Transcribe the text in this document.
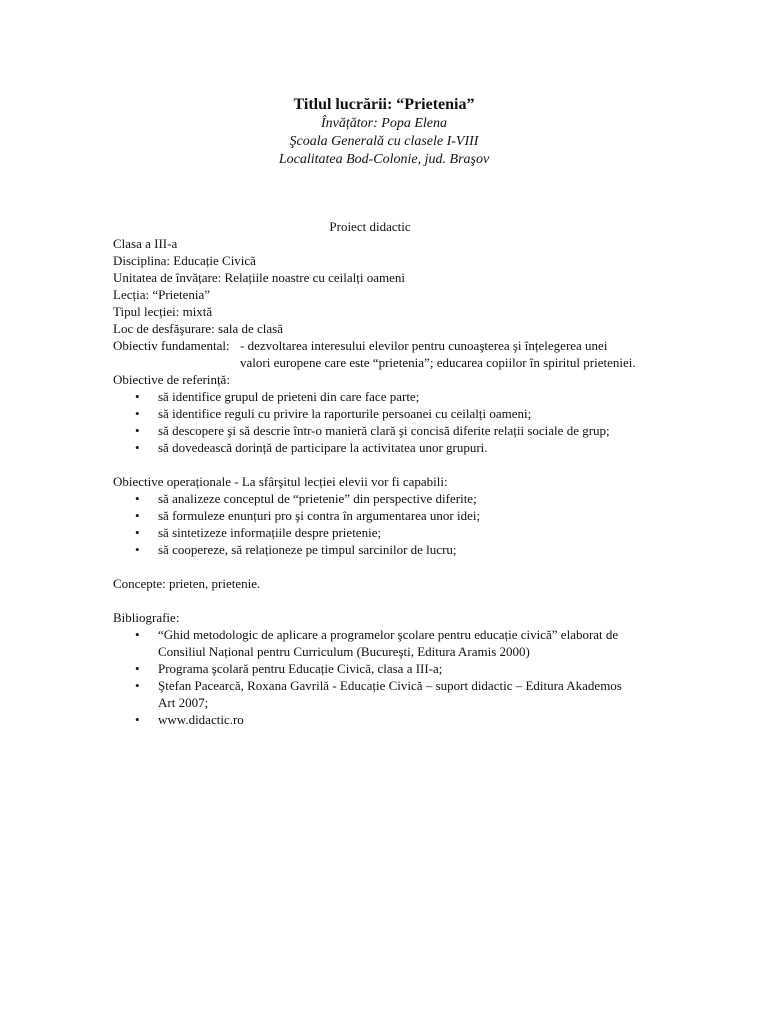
Titlul lucrării: “Prietenia”
Învățător: Popa Elena
Şcoala Generală cu clasele I-VIII
Localitatea Bod-Colonie, jud. Braşov
Proiect didactic
Clasa a III-a
Disciplina: Educație Civică
Unitatea de învățare: Relațiile noastre cu ceilalți oameni
Lecția: “Prietenia”
Tipul lecției: mixtă
Loc de desfăşurare: sala de clasă
Obiectiv fundamental: - dezvoltarea interesului elevilor pentru cunoaşterea şi înțelegerea unei valori europene care este “prietenia”; educarea copiilor în spiritul prieteniei.
Obiective de referință:
• să identifice grupul de prieteni din care face parte;
• să identifice reguli cu privire la raporturile persoanei cu ceilalți oameni;
• să descopere şi să descrie într-o manieră clară şi concisă diferite relații sociale de grup;
• să dovedească dorință de participare la activitatea unor grupuri.
Obiective operaționale - La sfârşitul lecției elevii vor fi capabili:
• să analizeze conceptul de “prietenie” din perspective diferite;
• să formuleze enunțuri pro şi contra în argumentarea unor idei;
• să sintetizeze informațiile despre prietenie;
• să coopereze, să relaționeze pe timpul sarcinilor de lucru;
Concepte: prieten, prietenie.
Bibliografie:
• “Ghid metodologic de aplicare a programelor şcolare pentru educație civică” elaborat de Consiliul Național pentru Curriculum (Bucureşti, Editura Aramis 2000)
• Programa şcolară pentru Educație Civică, clasa a III-a;
• Ştefan Pacearcă, Roxana Gavrilă - Educație Civică – suport didactic – Editura Akademos Art 2007;
• www.didactic.ro
